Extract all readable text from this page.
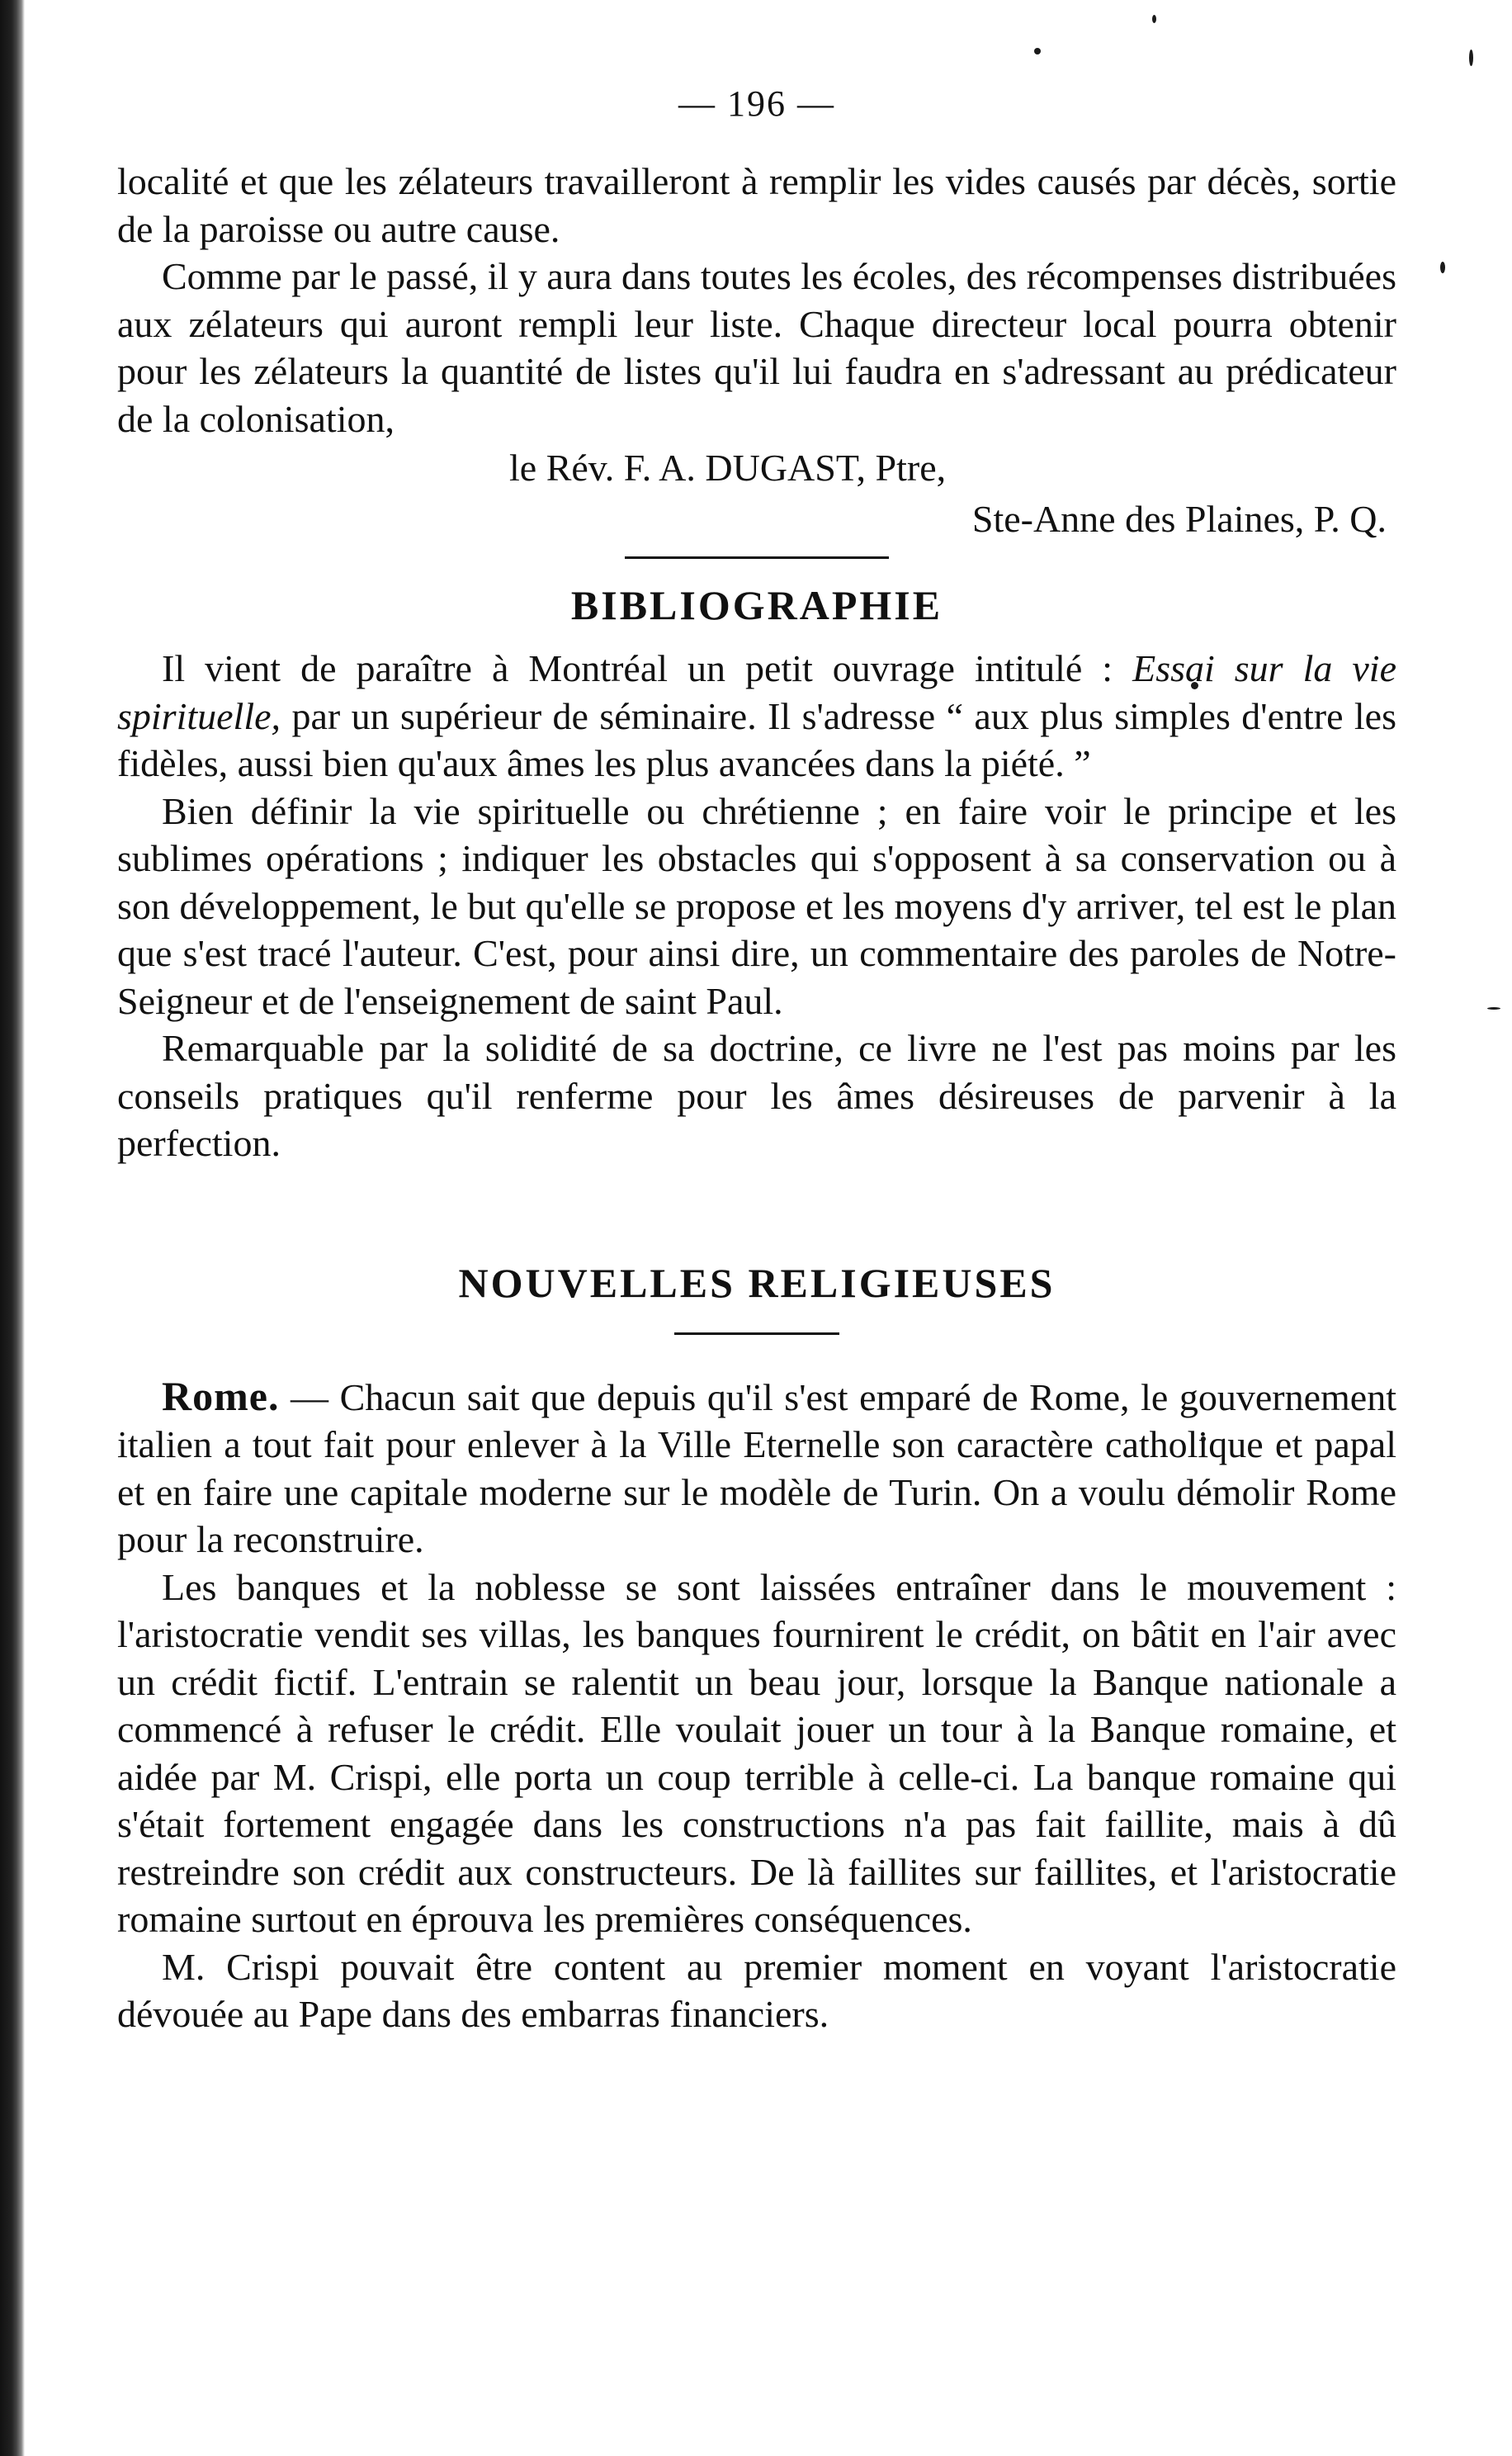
— 196 —

localité et que les zélateurs travailleront à remplir les vides causés par décès, sortie de la paroisse ou autre cause.

Comme par le passé, il y aura dans toutes les écoles, des récompenses distribuées aux zélateurs qui auront rempli leur liste. Chaque directeur local pourra obtenir pour les zélateurs la quantité de listes qu'il lui faudra en s'adressant au prédicateur de la colonisation,

le Rév. F. A. DUGAST, Ptre,
Ste-Anne des Plaines, P. Q.
BIBLIOGRAPHIE

Il vient de paraître à Montréal un petit ouvrage intitulé : Essai sur la vie spirituelle, par un supérieur de séminaire. Il s'adresse “ aux plus simples d'entre les fidèles, aussi bien qu'aux âmes les plus avancées dans la piété. ”

Bien définir la vie spirituelle ou chrétienne ; en faire voir le principe et les sublimes opérations ; indiquer les obstacles qui s'opposent à sa conservation ou à son développement, le but qu'elle se propose et les moyens d'y arriver, tel est le plan que s'est tracé l'auteur. C'est, pour ainsi dire, un commentaire des paroles de Notre-Seigneur et de l'enseignement de saint Paul.

Remarquable par la solidité de sa doctrine, ce livre ne l'est pas moins par les conseils pratiques qu'il renferme pour les âmes désireuses de parvenir à la perfection.

NOUVELLES RELIGIEUSES

Rome. — Chacun sait que depuis qu'il s'est emparé de Rome, le gouvernement italien a tout fait pour enlever à la Ville Eternelle son caractère catholique et papal et en faire une capitale moderne sur le modèle de Turin. On a voulu démolir Rome pour la reconstruire.

Les banques et la noblesse se sont laissées entraîner dans le mouvement : l'aristocratie vendit ses villas, les banques fournirent le crédit, on bâtit en l'air avec un crédit fictif. L'entrain se ralentit un beau jour, lorsque la Banque nationale a commencé à refuser le crédit. Elle voulait jouer un tour à la Banque romaine, et aidée par M. Crispi, elle porta un coup terrible à celle-ci. La banque romaine qui s'était fortement engagée dans les constructions n'a pas fait faillite, mais à dû restreindre son crédit aux constructeurs. De là faillites sur faillites, et l'aristocratie romaine surtout en éprouva les premières conséquences.

M. Crispi pouvait être content au premier moment en voyant l'aristocratie dévouée au Pape dans des embarras financiers.
